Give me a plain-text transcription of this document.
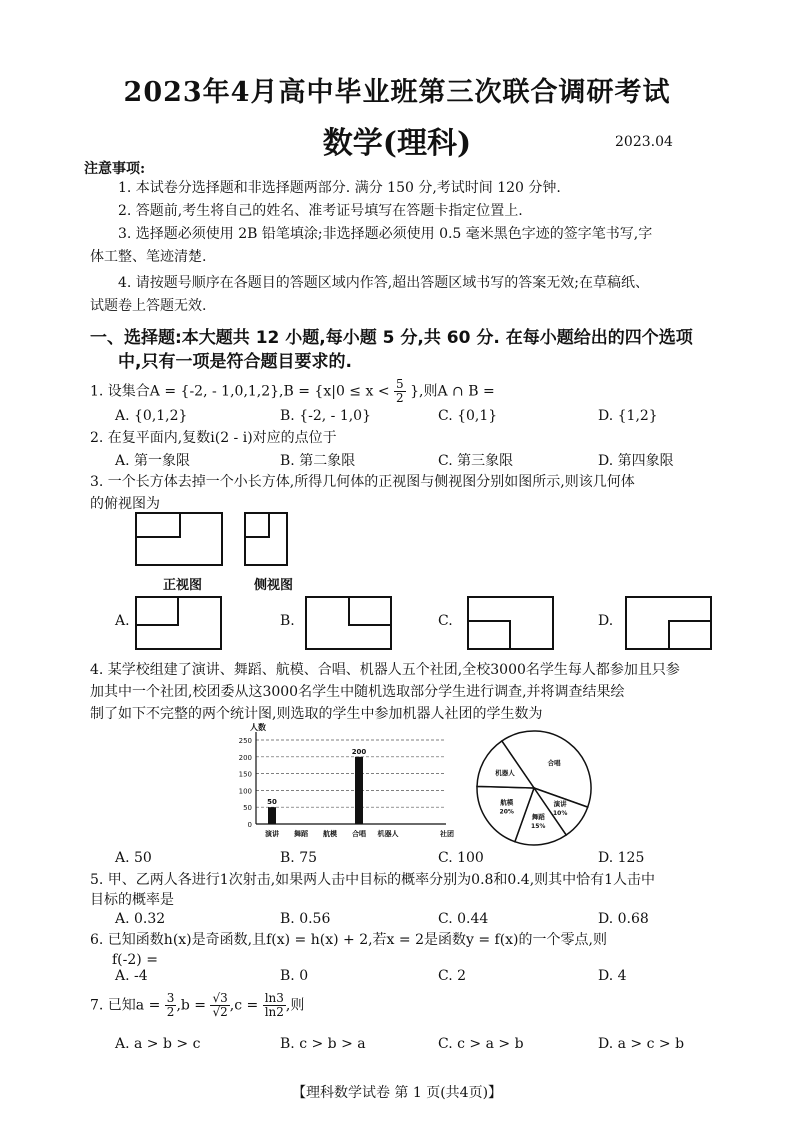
2023年4月高中毕业班第三次联合调研考试
数学(理科)	2023.04
注意事项:
1. 本试卷分选择题和非选择题两部分. 满分 150 分,考试时间 120 分钟.
2. 答题前,考生将自己的姓名、准考证号填写在答题卡指定位置上.
3. 选择题必须使用 2B 铅笔填涂;非选择题必须使用 0.5 毫米黑色字迹的签字笔书写,字
体工整、笔迹清楚.
4. 请按题号顺序在各题目的答题区域内作答,超出答题区域书写的答案无效;在草稿纸、
试题卷上答题无效.
一、选择题:本大题共 12 小题,每小题 5 分,共 60 分. 在每小题给出的四个选项
中,只有一项是符合题目要求的.
1. 设集合A = {-2, - $1,0,1,2\},B = \{x|0 \le x < \frac{5}{2}$ },则A ∩ B =
A. {0,1,2}	B. {-2, - 1,0}	C. {0,1}	D. {1,2}
2. 在复平面内,复数i(2 - i)对应的点位于
A. 第一象限	B. 第二象限	C. 第三象限	D. 第四象限
3. 一个长方体去掉一个小长方体,所得几何体的正视图与侧视图分别如图所示,则该几何体
的俯视图为
正视图	侧视图
A.	B.	C.	D.
4. 某学校组建了演讲、舞蹈、航模、合唱、机器人五个社团,全校3000名学生每人都参加且只参
加其中一个社团,校团委从这3000名学生中随机选取部分学生进行调查,并将调查结果绘
制了如下不完整的两个统计图,则选取的学生中参加机器人社团的学生数为
0
50
100
150
200
250
人数
社团
演讲
50
舞蹈 航模 合唱
200
机器人
合唱
演讲
10%
舞蹈
15%
航模
20%
机器人
A. 50	B. 75	C. 100	D. 125
5. 甲、乙两人各进行1次射击,如果两人击中目标的概率分别为0.8和0.4,则其中恰有1人击中
目标的概率是
A. 0.32	B. 0.56	C. 0.44	D. 0.68
6. 已知函数h(x)是奇函数,且f(x) = h(x) + 2,若x = 2是函数y = f(x)的一个零点,则
f(-2) =
A. -4	B. 0	C. 2	D. 4
7. 已知$a = \frac{3}{2} ,b = \frac{√3}{√2} ,c = \frac{\ln 3}{\ln 2}$ ,则
A. a > b > c	B. c > b > a	C. c > a > b	D. a > c > b
【理科数学试卷 第 1 页(共4页)】
